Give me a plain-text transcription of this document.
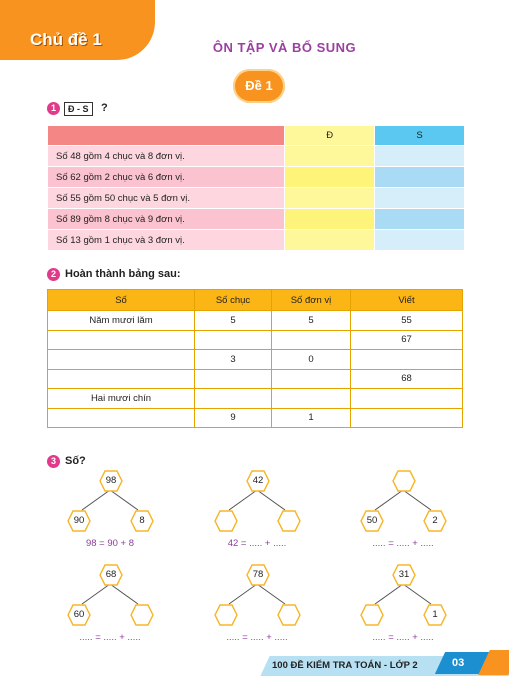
Chủ đề 1	ÔN TẬP VÀ BỔ SUNG
Đề 1
1	Đ - S	?
	Đ	S
Số 48 gồm 4 chục và 8 đơn vị.		
Số 62 gồm 2 chục và 6 đơn vị.		
Số 55 gồm 50 chục và 5 đơn vị.		
Số 89 gồm 8 chục và 9 đơn vị.		
Số 13 gồm 1 chục và 3 đơn vị.		
2 Hoàn thành bảng sau:
Số	Số chục	Số đơn vị	Viết
Năm mươi lăm	5	5	55
			67
	3	0	
			68
Hai mươi chín			
	9	1	
3 Số?
98
90	8
98 = 90 + 8
42
42 = ..... + .....
50	2
..... = ..... + .....
68
60
..... = ..... + .....
78
..... = ..... + .....
31
1
..... = ..... + .....
100 ĐỀ KIỂM TRA TOÁN - LỚP 2	03
